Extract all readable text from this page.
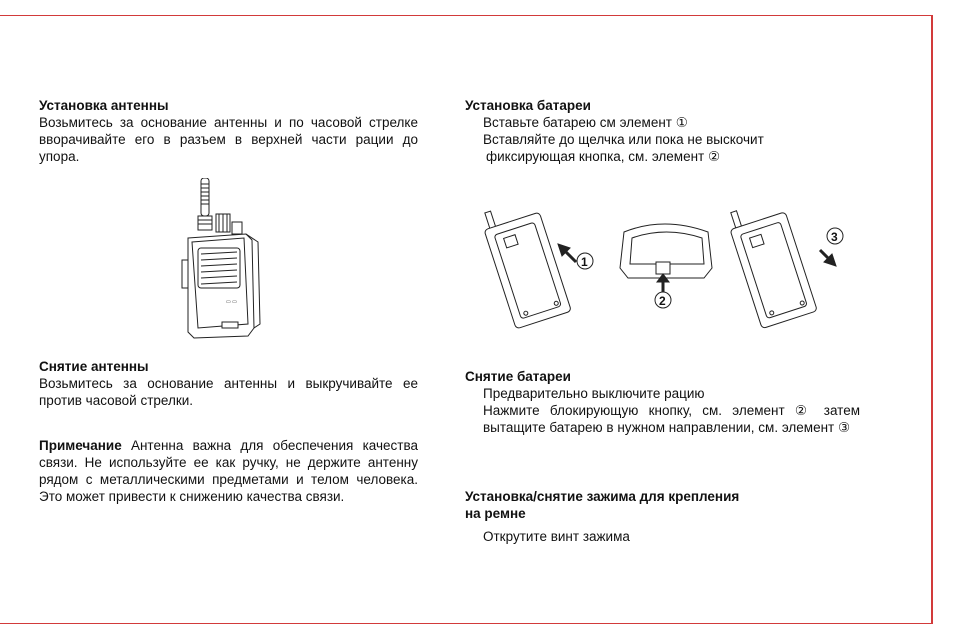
Установка антенны

Возьмитесь за основание антенны и по часовой стрелке вворачивайте его в разъем в верхней части рации до упора.

▭ ▭
Снятие антенны

Возьмитесь за основание антенны и выкручивайте ее против часовой стрелки.

Примечание Антенна важна для обеспечения качества связи. Не используйте ее как ручку, не держите антенну рядом с металлическими предметами и телом человека. Это может привести к снижению качества связи.

Установка батареи

Вставьте батарею см элемент ①

Вставляйте до щелчка или пока не выскочит

фиксирующая кнопка, см. элемент ②

1
2
3
Снятие батареи

Предварительно выключите рацию

Нажмите блокирующую кнопку, см. элемент ② затем вытащите батарею в нужном направлении, см. элемент ③

Установка/снятие зажима для крепления
на ремне

Открутите винт зажима
